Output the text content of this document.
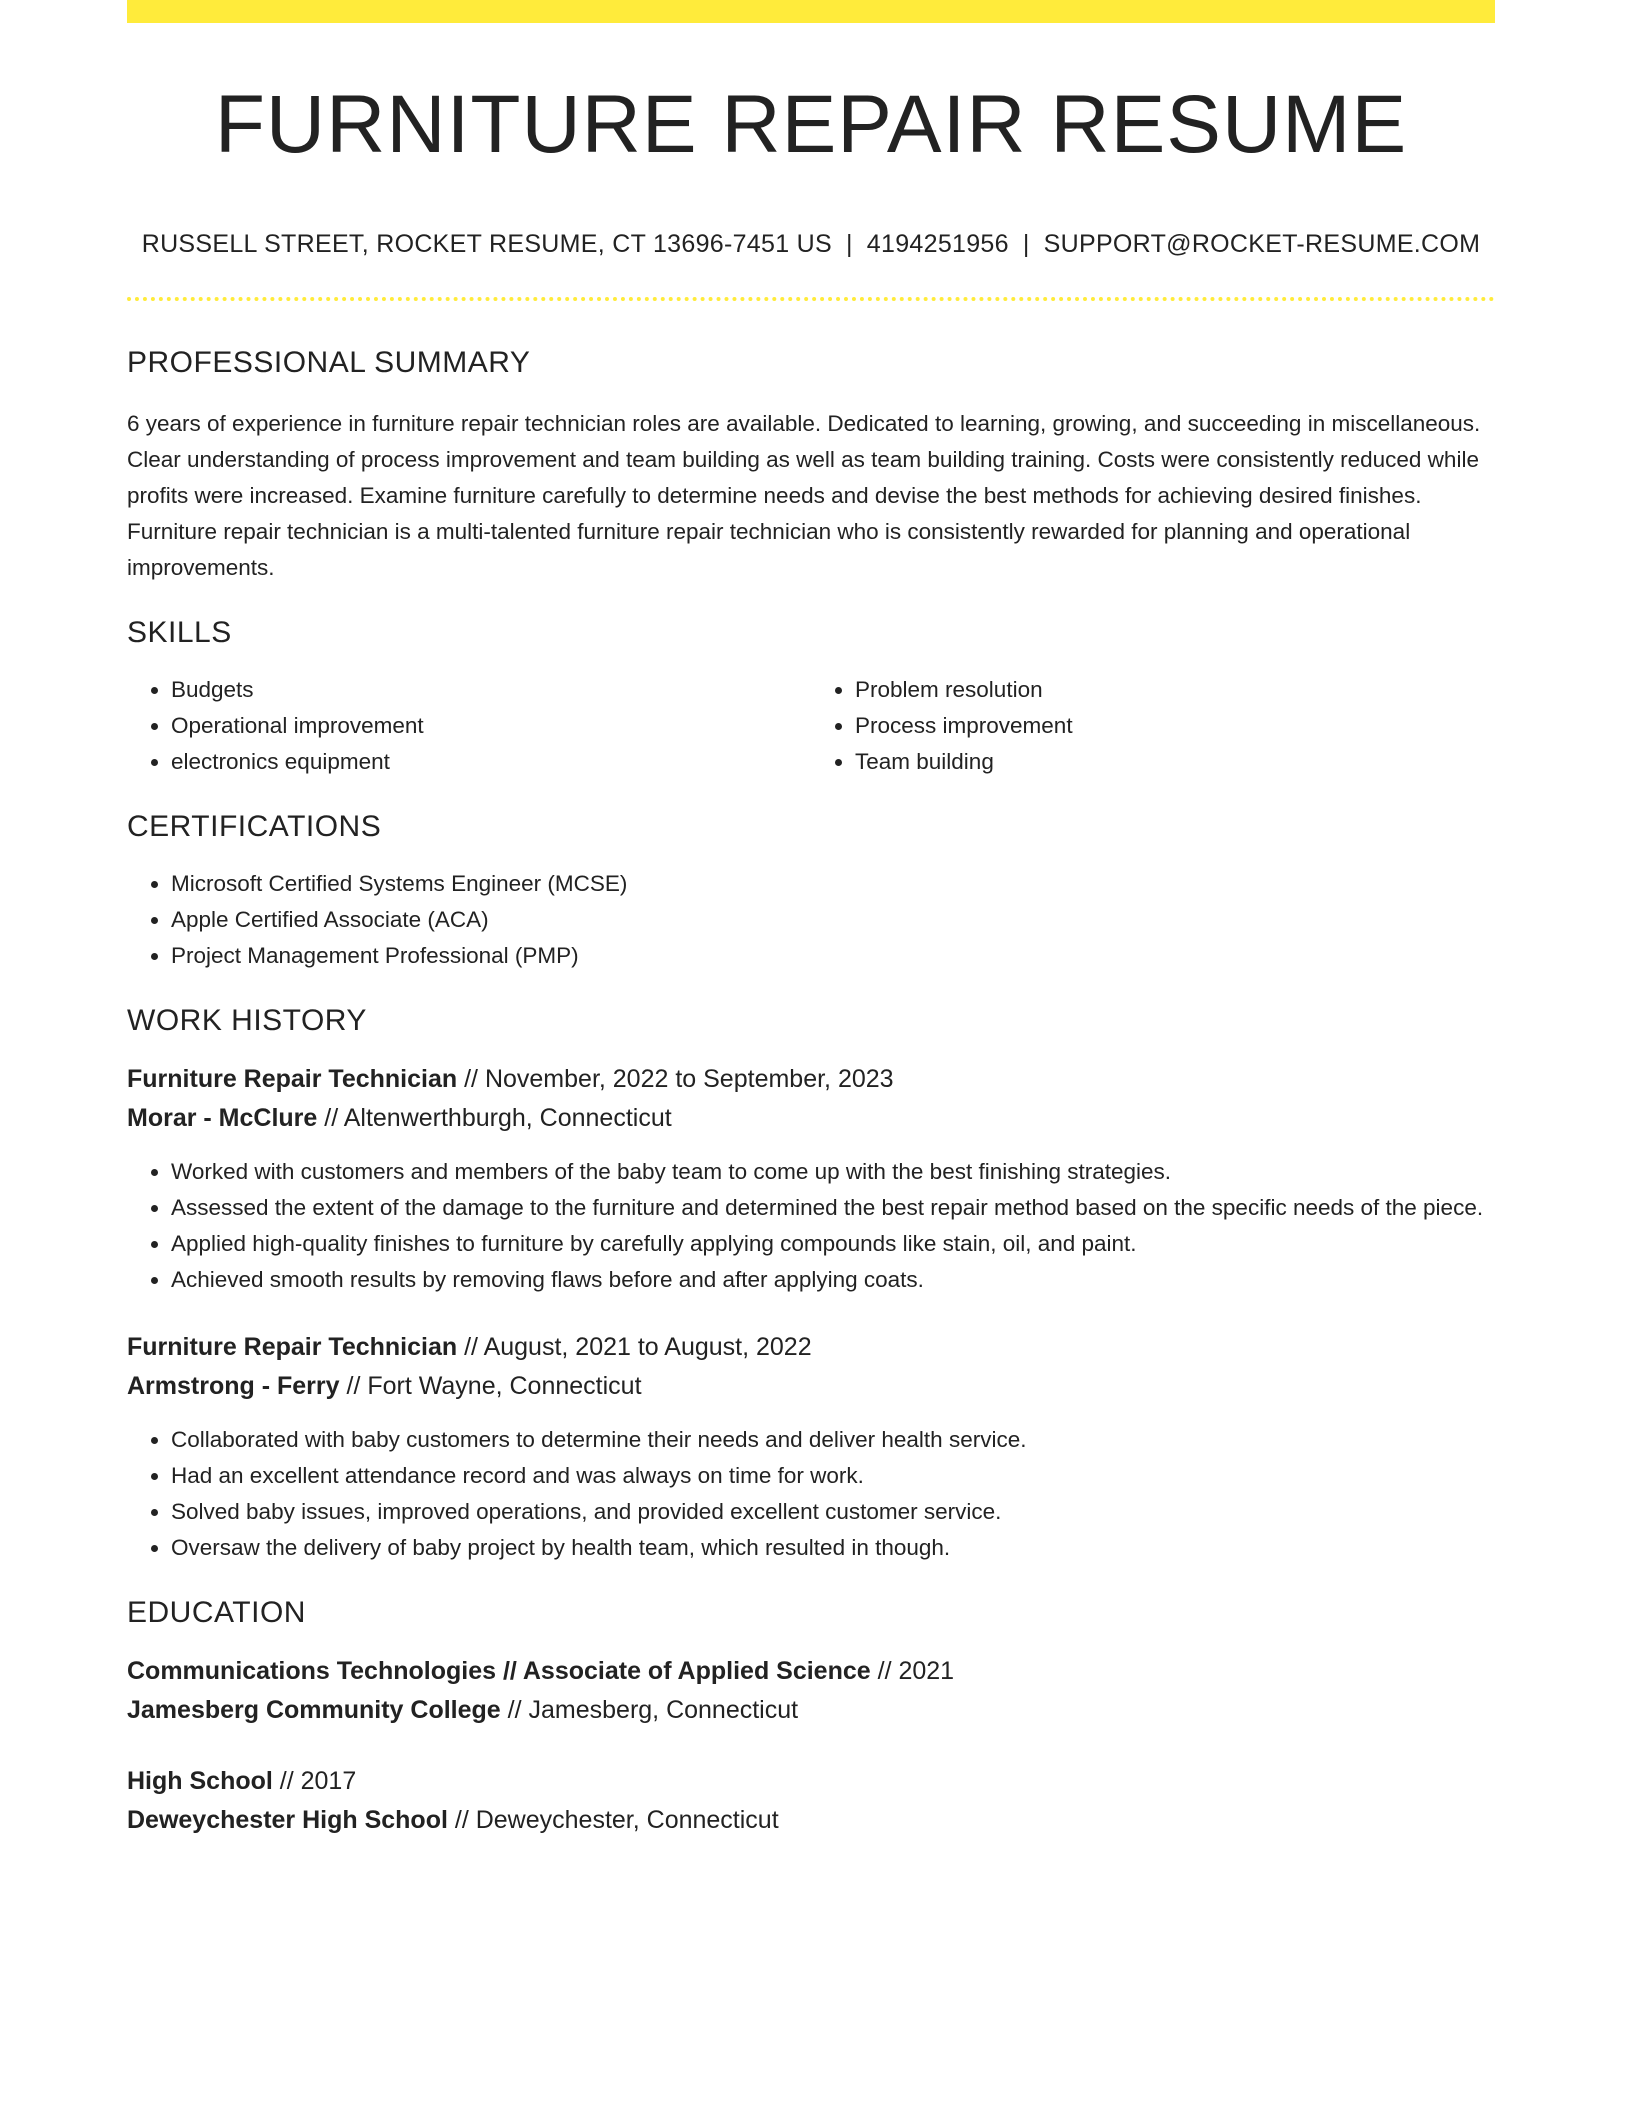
FURNITURE REPAIR RESUME
RUSSELL STREET, ROCKET RESUME, CT 13696-7451 US | 4194251956 | SUPPORT@ROCKET-RESUME.COM
PROFESSIONAL SUMMARY

6 years of experience in furniture repair technician roles are available. Dedicated to learning, growing, and succeeding in miscellaneous. Clear understanding of process improvement and team building as well as team building training. Costs were consistently reduced while profits were increased. Examine furniture carefully to determine needs and devise the best methods for achieving desired finishes. Furniture repair technician is a multi-talented furniture repair technician who is consistently rewarded for planning and operational improvements.

SKILLS
• Budgets
• Operational improvement
• electronics equipment
• Problem resolution
• Process improvement
• Team building
CERTIFICATIONS
• Microsoft Certified Systems Engineer (MCSE)
• Apple Certified Associate (ACA)
• Project Management Professional (PMP)
WORK HISTORY
Furniture Repair Technician // November, 2022 to September, 2023
Morar - McClure // Altenwerthburgh, Connecticut
• Worked with customers and members of the baby team to come up with the best finishing strategies.
• Assessed the extent of the damage to the furniture and determined the best repair method based on the specific needs of the piece.
• Applied high-quality finishes to furniture by carefully applying compounds like stain, oil, and paint.
• Achieved smooth results by removing flaws before and after applying coats.
Furniture Repair Technician // August, 2021 to August, 2022
Armstrong - Ferry // Fort Wayne, Connecticut
• Collaborated with baby customers to determine their needs and deliver health service.
• Had an excellent attendance record and was always on time for work.
• Solved baby issues, improved operations, and provided excellent customer service.
• Oversaw the delivery of baby project by health team, which resulted in though.
EDUCATION
Communications Technologies // Associate of Applied Science // 2021
Jamesberg Community College // Jamesberg, Connecticut
High School // 2017
Deweychester High School // Deweychester, Connecticut
